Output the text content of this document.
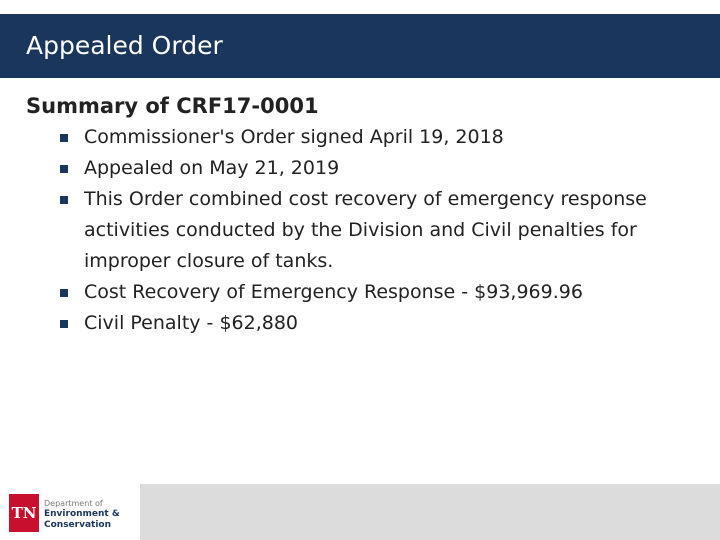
Appealed Order

Summary of CRF17-0001

Commissioner's Order signed April 19, 2018
Appealed on May 21, 2019
This Order combined cost recovery of emergency response activities conducted by the Division and Civil penalties for improper closure of tanks.
Cost Recovery of Emergency Response - $93,969.96
Civil Penalty - $62,880
TN
Department of
Environment &
Conservation
